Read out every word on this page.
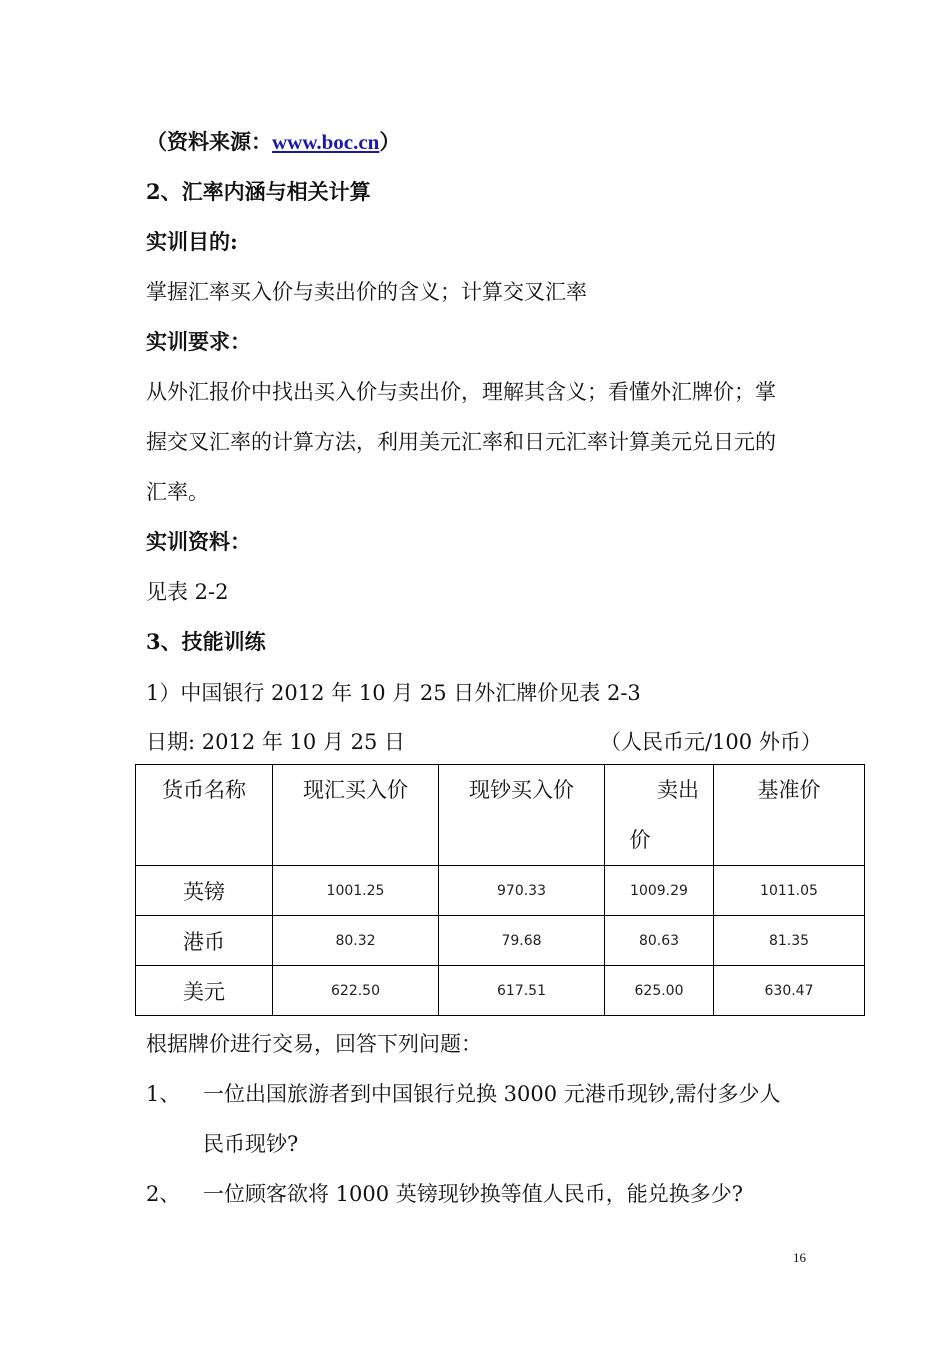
（资料来源：www.boc.cn）
2、汇率内涵与相关计算
实训目的:
掌握汇率买入价与卖出价的含义；计算交叉汇率
实训要求：
从外汇报价中找出买入价与卖出价，理解其含义；看懂外汇牌价；掌
握交叉汇率的计算方法，利用美元汇率和日元汇率计算美元兑日元的
汇率。
实训资料：
见表 2-2
3、技能训练
1）中国银行 2012 年 10 月 25 日外汇牌价见表 2-3
日期: 2012 年 10 月 25 日	（人民币元/100 外币）
货币名称	现汇买入价	现钞买入价	卖出
价	基准价
英镑	1001.25	970.33	1009.29	1011.05
港币	80.32	79.68	80.63	81.35
美元	622.50	617.51	625.00	630.47
根据牌价进行交易，回答下列问题：
1、 一位出国旅游者到中国银行兑换 3000 元港币现钞,需付多少人
民币现钞?
2、 一位顾客欲将 1000 英镑现钞换等值人民币，能兑换多少?
16
